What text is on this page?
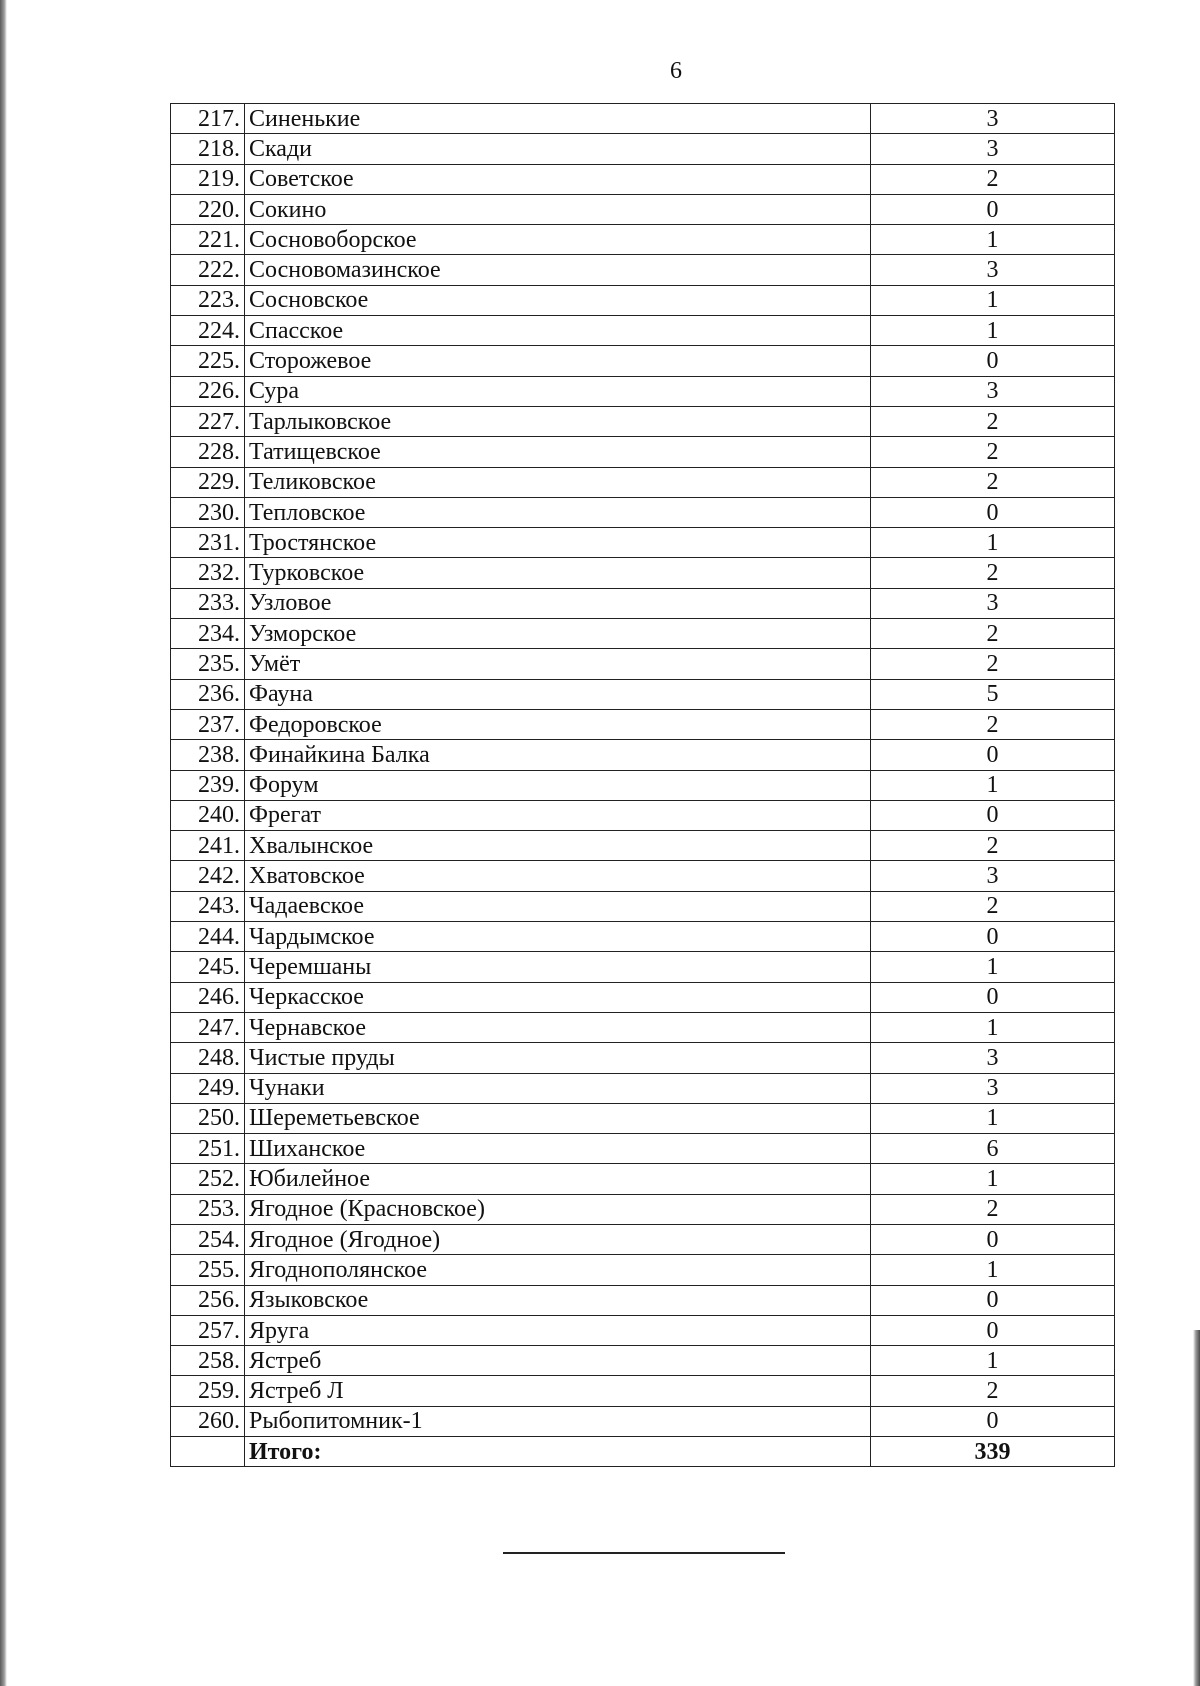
6
217.	Синенькие	3
218.	Скади	3
219.	Советское	2
220.	Сокино	0
221.	Сосновоборское	1
222.	Сосновомазинское	3
223.	Сосновское	1
224.	Спасское	1
225.	Сторожевое	0
226.	Сура	3
227.	Тарлыковское	2
228.	Татищевское	2
229.	Теликовское	2
230.	Тепловское	0
231.	Тростянское	1
232.	Турковское	2
233.	Узловое	3
234.	Узморское	2
235.	Умёт	2
236.	Фауна	5
237.	Федоровское	2
238.	Финайкина Балка	0
239.	Форум	1
240.	Фрегат	0
241.	Хвалынское	2
242.	Хватовское	3
243.	Чадаевское	2
244.	Чардымское	0
245.	Черемшаны	1
246.	Черкасское	0
247.	Чернавское	1
248.	Чистые пруды	3
249.	Чунаки	3
250.	Шереметьевское	1
251.	Шиханское	6
252.	Юбилейное	1
253.	Ягодное (Красновское)	2
254.	Ягодное (Ягодное)	0
255.	Ягоднополянское	1
256.	Языковское	0
257.	Яруга	0
258.	Ястреб	1
259.	Ястреб Л	2
260.	Рыбопитомник-1	0
	Итого:	339
